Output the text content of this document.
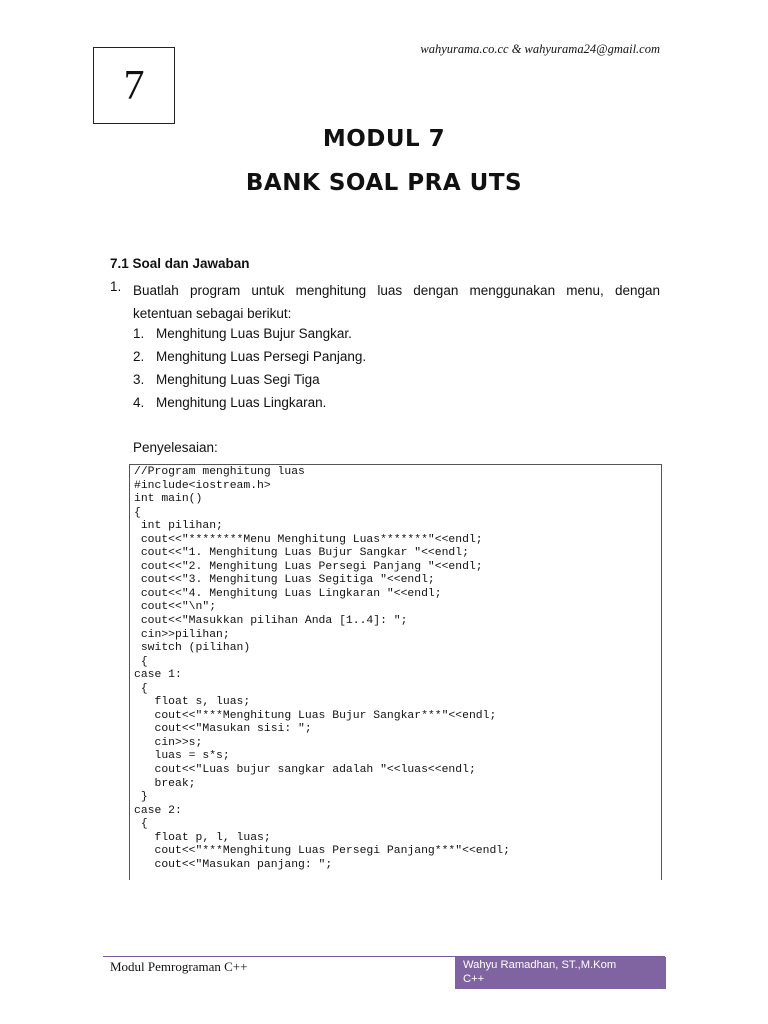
7
wahyurama.co.cc & wahyurama24@gmail.com
MODUL 7
BANK SOAL PRA UTS
7.1 Soal dan Jawaban
1. Buatlah program untuk menghitung luas dengan menggunakan menu, dengan ketentuan sebagai berikut:
1. Menghitung Luas Bujur Sangkar.
2. Menghitung Luas Persegi Panjang.
3. Menghitung Luas Segi Tiga
4. Menghitung Luas Lingkaran.
Penyelesaian:
//Program menghitung luas
#include<iostream.h>
int main()
{
int pilihan;
cout<<"********Menu Menghitung Luas*******"<<endl;
cout<<"1. Menghitung Luas Bujur Sangkar "<<endl;
cout<<"2. Menghitung Luas Persegi Panjang "<<endl;
cout<<"3. Menghitung Luas Segitiga "<<endl;
cout<<"4. Menghitung Luas Lingkaran "<<endl;
cout<<"\n";
cout<<"Masukkan pilihan Anda [1..4]: ";
cin>>pilihan;
switch (pilihan)
{
case 1:
{
float s, luas;
cout<<"***Menghitung Luas Bujur Sangkar***"<<endl;
cout<<"Masukan sisi: ";
cin>>s;
luas = s*s;
cout<<"Luas bujur sangkar adalah "<<luas<<endl;
break;
}
case 2:
{
float p, l, luas;
cout<<"***Menghitung Luas Persegi Panjang***"<<endl;
cout<<"Masukan panjang: ";
Modul Pemrograman C++	Wahyu Ramadhan, ST.,M.Kom
C++
